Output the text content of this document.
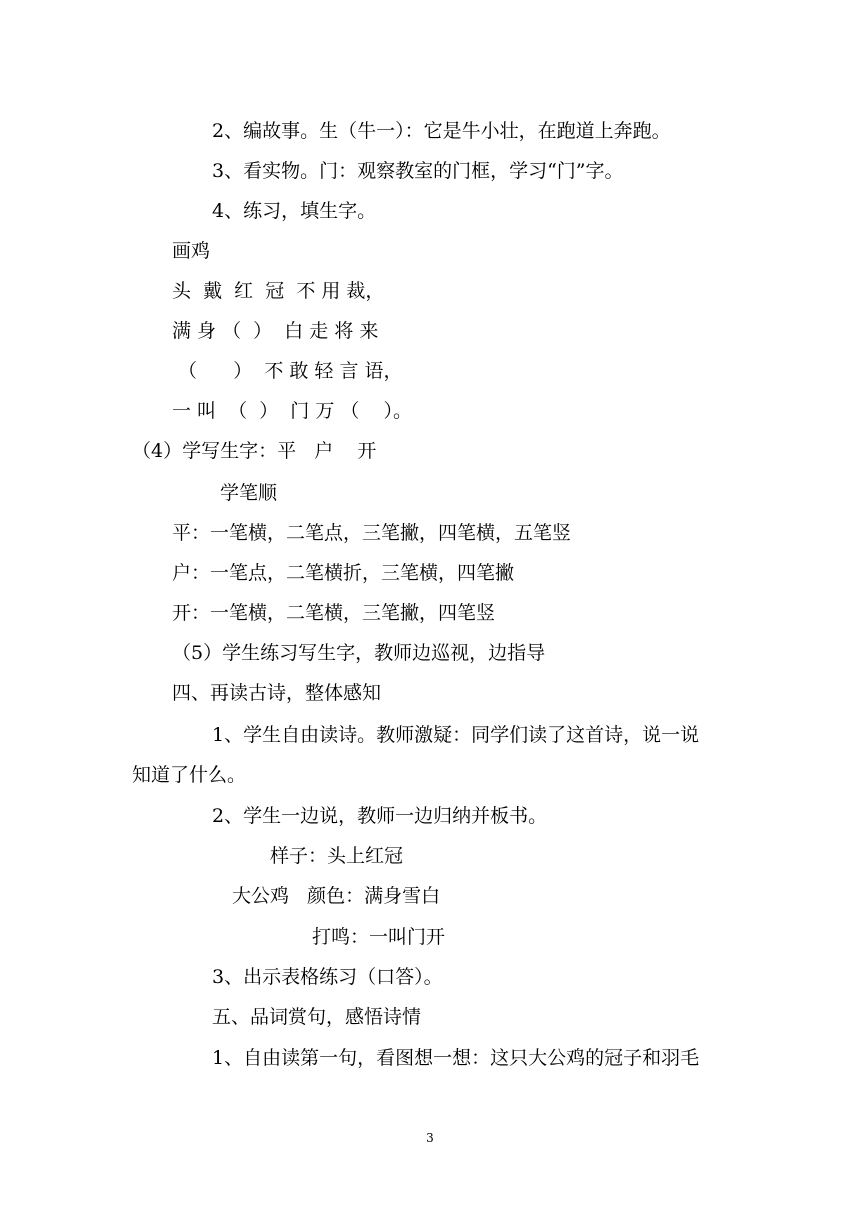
2、编故事。生（牛一）：它是牛小壮，在跑道上奔跑。
3、看实物。门：观察教室的门框，学习“门”字。
4、练习，填生字。
画鸡
头  戴  红  冠  不 用 裁，
满 身 （  ）  白 走 将 来
（      ）  不 敢 轻 言 语，
一 叫  （  ）  门 万 （    ）。
（4）学写生字：平   户    开
学笔顺
平：一笔横，二笔点，三笔撇，四笔横，五笔竖
户：一笔点，二笔横折，三笔横，四笔撇
开：一笔横，二笔横，三笔撇，四笔竖
（5）学生练习写生字，教师边巡视，边指导
四、再读古诗，整体感知
1、学生自由读诗。教师激疑：同学们读了这首诗，说一说
知道了什么。
2、学生一边说，教师一边归纳并板书。
样子：头上红冠
大公鸡   颜色：满身雪白
打鸣：一叫门开
3、出示表格练习（口答）。
五、品词赏句，感悟诗情
1、自由读第一句，看图想一想：这只大公鸡的冠子和羽毛
3
